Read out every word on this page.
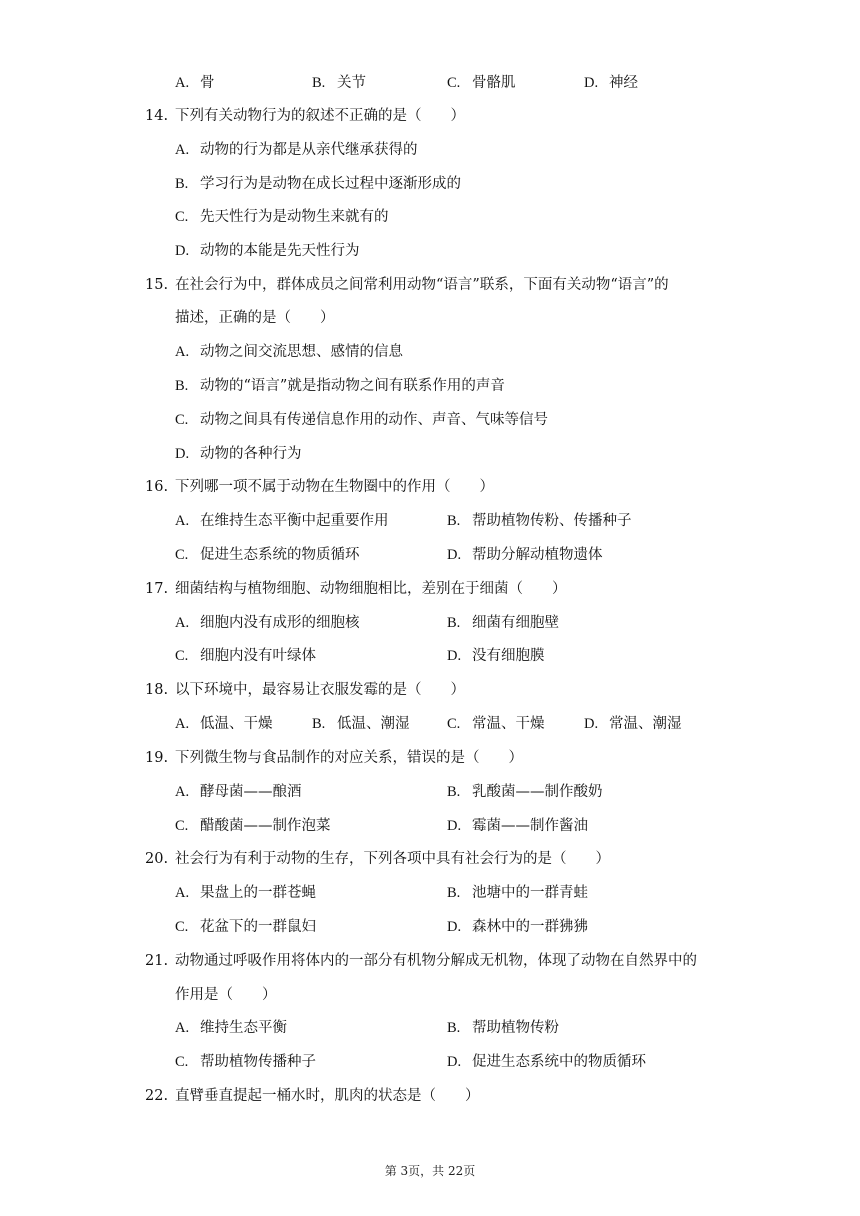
A. 骨	B. 关节	C. 骨骼肌	D. 神经
14. 下列有关动物行为的叙述不正确的是（　　）
A. 动物的行为都是从亲代继承获得的
B. 学习行为是动物在成长过程中逐渐形成的
C. 先天性行为是动物生来就有的
D. 动物的本能是先天性行为
15. 在社会行为中，群体成员之间常利用动物“语言”联系，下面有关动物“语言”的
描述，正确的是（　　）
A. 动物之间交流思想、感情的信息
B. 动物的“语言”就是指动物之间有联系作用的声音
C. 动物之间具有传递信息作用的动作、声音、气味等信号
D. 动物的各种行为
16. 下列哪一项不属于动物在生物圈中的作用（　　）
A. 在维持生态平衡中起重要作用	B. 帮助植物传粉、传播种子
C. 促进生态系统的物质循环	D. 帮助分解动植物遗体
17. 细菌结构与植物细胞、动物细胞相比，差别在于细菌（　　）
A. 细胞内没有成形的细胞核	B. 细菌有细胞壁
C. 细胞内没有叶绿体	D. 没有细胞膜
18. 以下环境中，最容易让衣服发霉的是（　　）
A. 低温、干燥	B. 低温、潮湿	C. 常温、干燥	D. 常温、潮湿
19. 下列微生物与食品制作的对应关系，错误的是（　　）
A. 酵母菌——酿酒	B. 乳酸菌——制作酸奶
C. 醋酸菌——制作泡菜	D. 霉菌——制作酱油
20. 社会行为有利于动物的生存，下列各项中具有社会行为的是（　　）
A. 果盘上的一群苍蝇	B. 池塘中的一群青蛙
C. 花盆下的一群鼠妇	D. 森林中的一群狒狒
21. 动物通过呼吸作用将体内的一部分有机物分解成无机物，体现了动物在自然界中的
作用是（　　）
A. 维持生态平衡	B. 帮助植物传粉
C. 帮助植物传播种子	D. 促进生态系统中的物质循环
22. 直臂垂直提起一桶水时，肌肉的状态是（　　）
第 3页，共 22页
